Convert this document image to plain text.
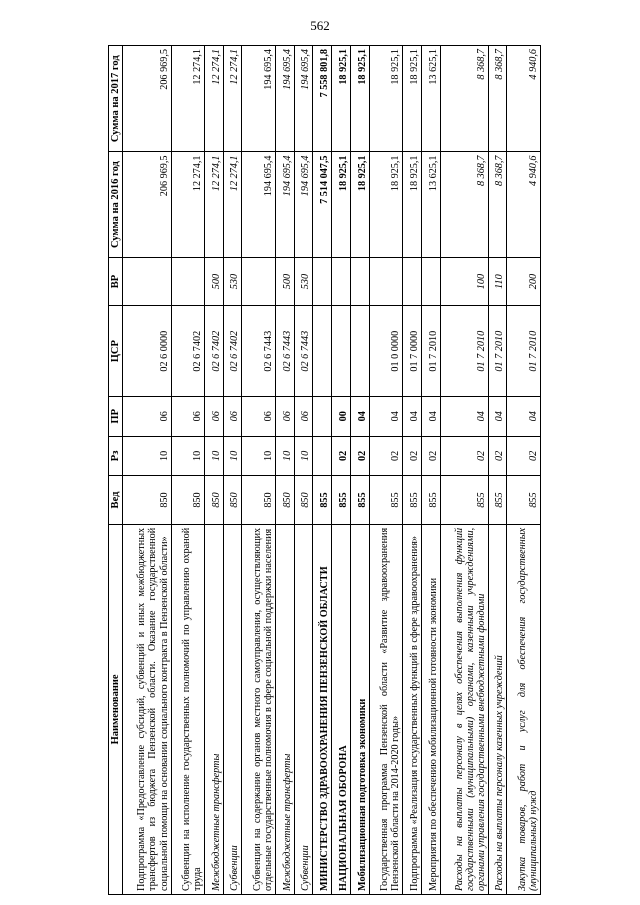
562
Наименование	Вед	Рз	ПР	ЦСР	ВР	Сумма на 2016 год	Сумма на 2017 год
Подпрограмма «Предоставление субсидий, субвенций и иных межбюджетных трансфертов из бюджета Пензенской области. Оказание государственной социальной помощи на основании социального контракта в Пензенской области»	850	10	06	02 6 0000		206 969,5	206 969,5
Субвенции на исполнение государственных полномочий по управлению охраной труда	850	10	06	02 6 7402		12 274,1	12 274,1
Межбюджетные трансферты	850	10	06	02 6 7402	500	12 274,1	12 274,1
Субвенции	850	10	06	02 6 7402	530	12 274,1	12 274,1
Субвенции на содержание органов местного самоуправления, осуществляющих отдельные государственные полномочия в сфере социальной поддержки населения	850	10	06	02 6 7443		194 695,4	194 695,4
Межбюджетные трансферты	850	10	06	02 6 7443	500	194 695,4	194 695,4
Субвенции	850	10	06	02 6 7443	530	194 695,4	194 695,4
МИНИСТЕРСТВО ЗДРАВООХРАНЕНИЯ ПЕНЗЕНСКОЙ ОБЛАСТИ	855					7 514 047,5	7 558 801,8
НАЦИОНАЛЬНАЯ ОБОРОНА	855	02	00			18 925,1	18 925,1
Мобилизационная подготовка экономики	855	02	04			18 925,1	18 925,1
Государственная программа Пензенской области «Развитие здравоохранения Пензенской области на 2014-2020 годы»	855	02	04	01 0 0000		18 925,1	18 925,1
Подпрограмма «Реализация государственных функций в сфере здравоохранения»	855	02	04	01 7 0000		18 925,1	18 925,1
Мероприятия по обеспечению мобилизационной готовности экономики	855	02	04	01 7 2010		13 625,1	13 625,1
Расходы на выплаты персоналу в целях обеспечения выполнения функций государственными (муниципальными) органами, казенными учреждениями, органами управления государственными внебюджетными фондами	855	02	04	01 7 2010	100	8 368,7	8 368,7
Расходы на выплаты персоналу казенных учреждений	855	02	04	01 7 2010	110	8 368,7	8 368,7
Закупка товаров, работ и услуг для обеспечения государственных (муниципальных) нужд	855	02	04	01 7 2010	200	4 940,6	4 940,6
